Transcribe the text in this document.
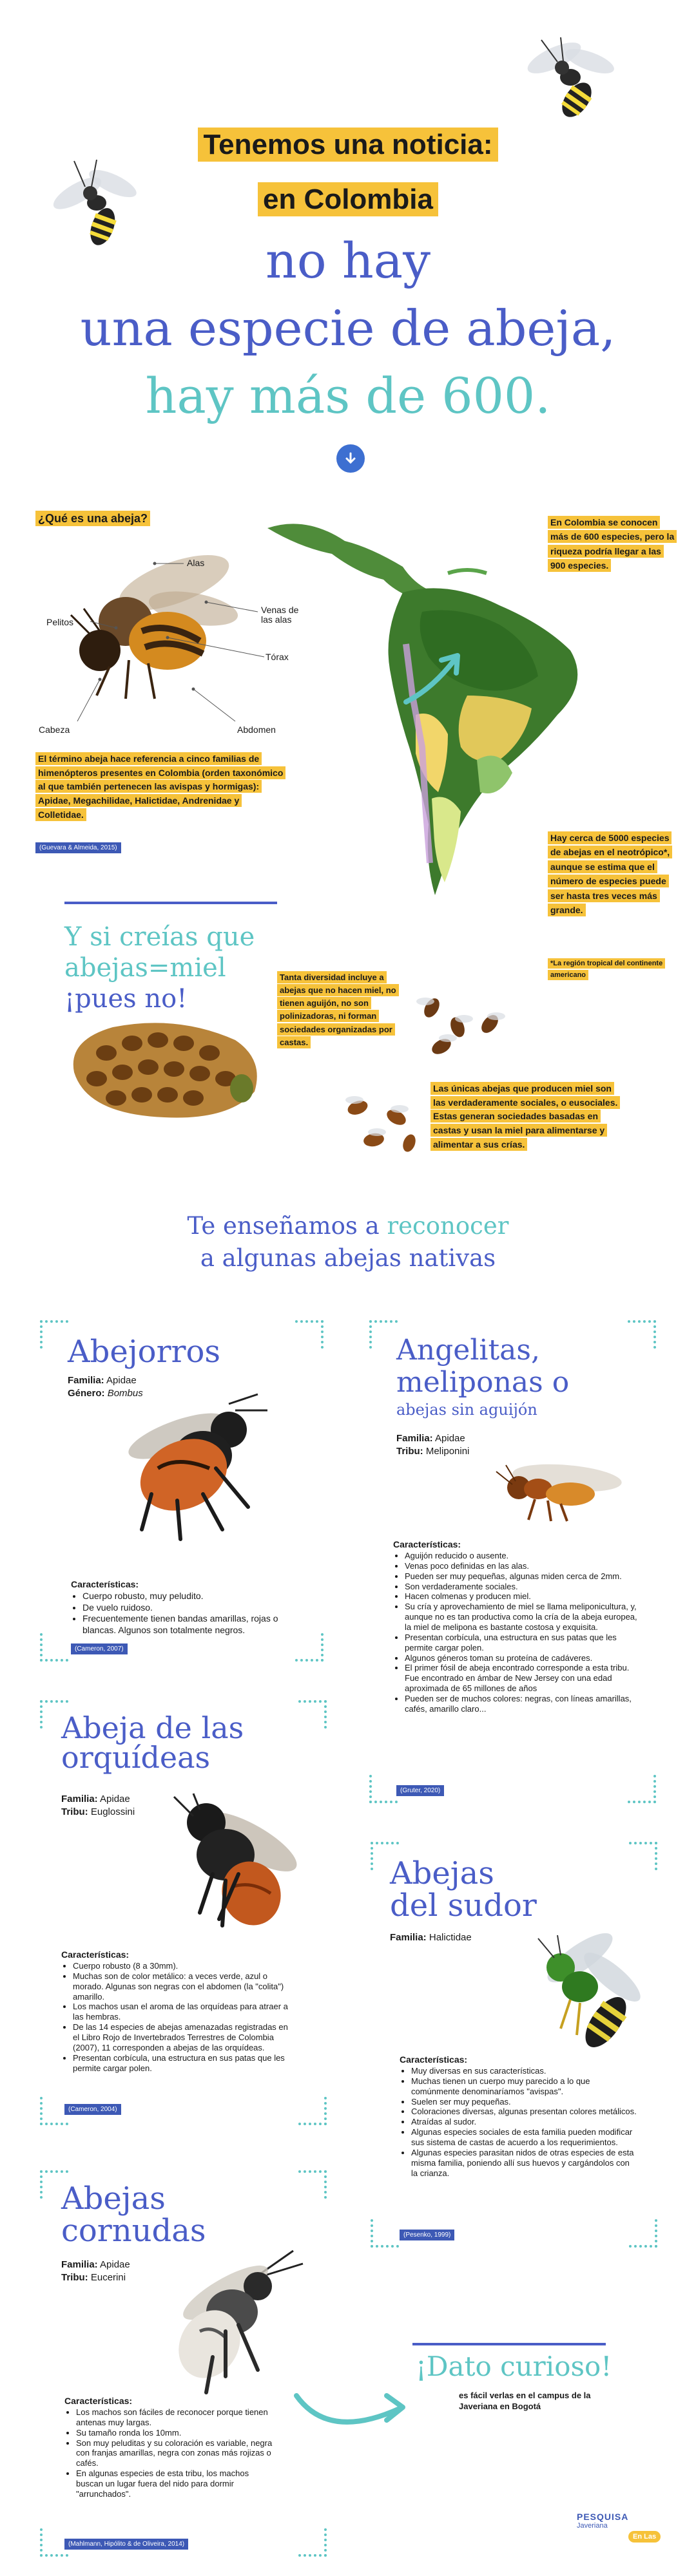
Tenemos una noticia:
en Colombia
no hay
una especie de abeja,
hay más de 600.
¿Qué es una abeja?
Alas
Venas de las alas
Pelitos
Tórax
Cabeza	Abdomen
El término abeja hace referencia a cinco familias de himenópteros presentes en Colombia (orden taxonómico al que también pertenecen las avispas y hormigas): Apidae, Megachilidae, Halictidae, Andrenidae y Colletidae.
(Guevara & Almeida, 2015)
En Colombia se conocen más de 600 especies, pero la riqueza podría llegar a las 900 especies.
Hay cerca de 5000 especies de abejas en el neotrópico*, aunque se estima que el número de especies puede ser hasta tres veces más grande.
*La región tropical del continente americano
Y si creías que
abejas=miel
¡pues no!
Tanta diversidad incluye a abejas que no hacen miel, no tienen aguijón, no son polinizadoras, ni forman sociedades organizadas por castas.
Las únicas abejas que producen miel son las verdaderamente sociales, o eusociales. Estas generan sociedades basadas en castas y usan la miel para alimentarse y alimentar a sus crías.
Te enseñamos a reconocer
a algunas abejas nativas
Abejorros
Familia: Apidae
Género: Bombus
Características:
• Cuerpo robusto, muy peludito.
• De vuelo ruidoso.
• Frecuentemente tienen bandas amarillas, rojas o blancas. Algunos son totalmente negros.
(Cameron, 2007)
Angelitas,
meliponas o
abejas sin aguijón
Familia: Apidae
Tribu: Meliponini
Características:
• Aguijón reducido o ausente.
• Venas poco definidas en las alas.
• Pueden ser muy pequeñas, algunas miden cerca de 2mm.
• Son verdaderamente sociales.
• Hacen colmenas y producen miel.
• Su cría y aprovechamiento de miel se llama meliponicultura, y, aunque no es tan productiva como la cría de la abeja europea, la miel de melipona es bastante costosa y exquisita.
• Presentan corbícula, una estructura en sus patas que les permite cargar polen.
• Algunos géneros toman su proteína de cadáveres.
• El primer fósil de abeja encontrado corresponde a esta tribu. Fue encontrado en ámbar de New Jersey con una edad aproximada de 65 millones de años
• Pueden ser de muchos colores: negras, con líneas amarillas, cafés, amarillo claro...
(Gruter, 2020)
Abeja de las orquídeas
Familia: Apidae
Tribu: Euglossini
Características:
• Cuerpo robusto (8 a 30mm).
• Muchas son de color metálico: a veces verde, azul o morado. Algunas son negras con el abdomen (la "colita") amarillo.
• Los machos usan el aroma de las orquídeas para atraer a las hembras.
• De las 14 especies de abejas amenazadas registradas en el Libro Rojo de Invertebrados Terrestres de Colombia (2007), 11 corresponden a abejas de las orquídeas.
• Presentan corbícula, una estructura en sus patas que les permite cargar polen.
(Cameron, 2004)
Abejas
del sudor
Familia: Halictidae
Características:
• Muy diversas en sus características.
• Muchas tienen un cuerpo muy parecido a lo que comúnmente denominaríamos "avispas".
• Suelen ser muy pequeñas.
• Coloraciones diversas, algunas presentan colores metálicos.
• Atraídas al sudor.
• Algunas especies sociales de esta familia pueden modificar sus sistema de castas de acuerdo a los requerimientos.
• Algunas especies parasitan nidos de otras especies de esta misma familia, poniendo allí sus huevos y cargándolos con la crianza.
(Pesenko, 1999)
Abejas
cornudas
Familia: Apidae
Tribu: Eucerini
Características:
• Los machos son fáciles de reconocer porque tienen antenas muy largas.
• Su tamaño ronda los 10mm.
• Son muy peluditas y su coloración es variable, negra con franjas amarillas, negra con zonas más rojizas o cafés.
• En algunas especies de esta tribu, los machos buscan un lugar fuera del nido para dormir "arrunchados".
(Mahlmann, Hipólito & de Oliveira, 2014)
¡Dato curioso!
es fácil verlas en el campus de la Javeriana en Bogotá
PESQUISA
Javeriana
En Las
